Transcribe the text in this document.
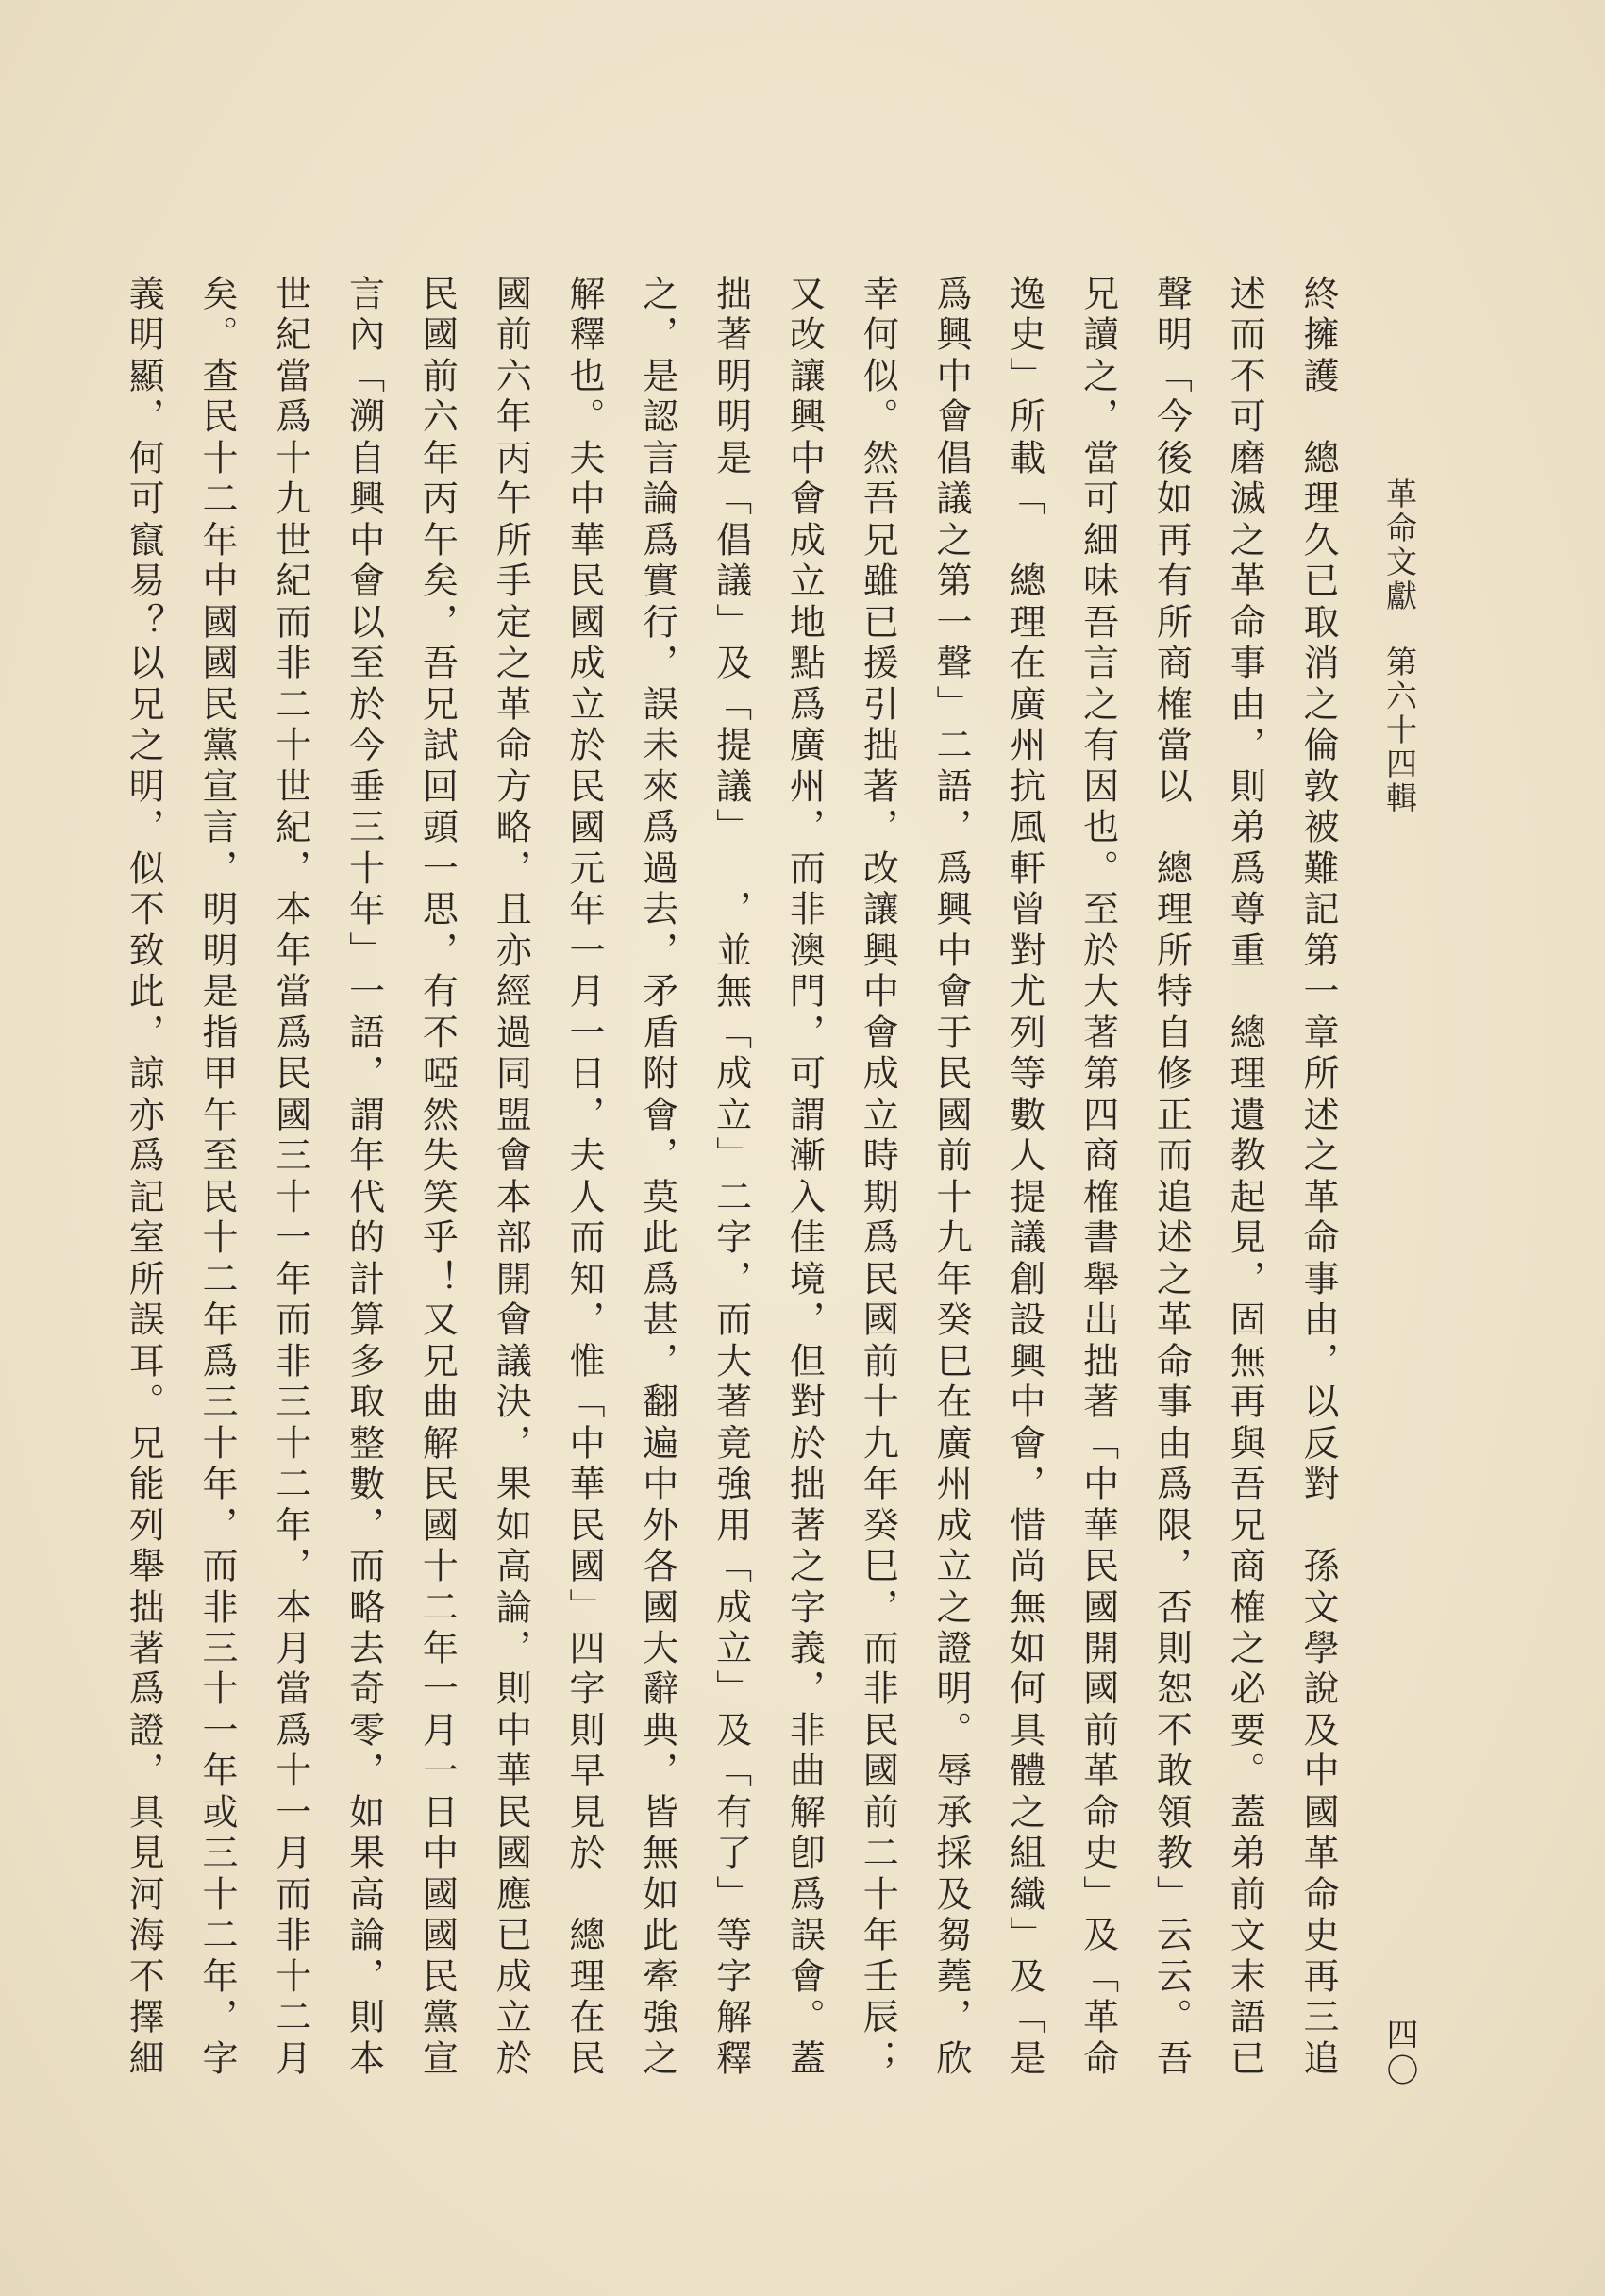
革命文獻第六十四輯
四〇
終
擁
護

總
理
久
已
取
消
之
倫
敦
被
難
記
第
一
章
所
述
之
革
命
事
由
，
以
反
對

孫
文
學
說
及
中
國
革
命
史
再
三
追
述
而
不
可
磨
滅
之
革
命
事
由
，
則
弟
爲
尊
重

總
理
遺
教
起
見
，
固
無
再
與
吾
兄
商
榷
之
必
要
。
蓋
弟
前
文
末
語
已
聲
明
「
今
後
如
再
有
所
商
榷
當
以

總
理
所
特
自
修
正
而
追
述
之
革
命
事
由
爲
限
，
否
則
恕
不
敢
領
教
」
云
云
。
吾
兄
讀
之
，
當
可
細
味
吾
言
之
有
因
也
。
至
於
大
著
第
四
商
榷
書
舉
出
拙
著
「
中
華
民
國
開
國
前
革
命
史
」
及
「
革
命
逸
史
」
所
載
「

總
理
在
廣
州
抗
風
軒
曾
對
尤
列
等
數
人
提
議
創
設
興
中
會
，
惜
尚
無
如
何
具
體
之
組
織
」
及
「
是
爲
興
中
會
倡
議
之
第
一
聲
」
二
語
，
爲
興
中
會
于
民
國
前
十
九
年
癸
巳
在
廣
州
成
立
之
證
明
。
辱
承
採
及
芻
蕘
，
欣
幸
何
似
。
然
吾
兄
雖
已
援
引
拙
著
，
改
讓
興
中
會
成
立
時
期
爲
民
國
前
十
九
年
癸
巳
，
而
非
民
國
前
二
十
年
壬
辰
；
又
改
讓
興
中
會
成
立
地
點
爲
廣
州
，
而
非
澳
門
，
可
謂
漸
入
佳
境
，
但
對
於
拙
著
之
字
義
，
非
曲
解
卽
爲
誤
會
。
蓋
拙
著
明
明
是
「
倡
議
」
及
「
提
議
」

，
並
無
「
成
立
」
二
字
，
而
大
著
竟
強
用
「
成
立
」
及
「
有
了
」
等
字
解
釋
之
，
是
認
言
論
爲
實
行
，
誤
未
來
爲
過
去
，
矛
盾
附
會
，
莫
此
爲
甚
，
翻
遍
中
外
各
國
大
辭
典
，
皆
無
如
此
牽
強
之
解
釋
也
。
夫
中
華
民
國
成
立
於
民
國
元
年
一
月
一
日
，
夫
人
而
知
，
惟
「
中
華
民
國
」
四
字
則
早
見
於

總
理
在
民
國
前
六
年
丙
午
所
手
定
之
革
命
方
略
，
且
亦
經
過
同
盟
會
本
部
開
會
議
決
，
果
如
高
論
，
則
中
華
民
國
應
已
成
立
於
民
國
前
六
年
丙
午
矣
，
吾
兄
試
回
頭
一
思
，
有
不
啞
然
失
笑
乎
！
又
兄
曲
解
民
國
十
二
年
一
月
一
日
中
國
國
民
黨
宣
言
內
「
溯
自
興
中
會
以
至
於
今
垂
三
十
年
」
一
語
，
謂
年
代
的
計
算
多
取
整
數
，
而
略
去
奇
零
，
如
果
高
論
，
則
本
世
紀
當
爲
十
九
世
紀
而
非
二
十
世
紀
，
本
年
當
爲
民
國
三
十
一
年
而
非
三
十
二
年
，
本
月
當
爲
十
一
月
而
非
十
二
月
矣
。
查
民
十
二
年
中
國
國
民
黨
宣
言
，
明
明
是
指
甲
午
至
民
十
二
年
爲
三
十
年
，
而
非
三
十
一
年
或
三
十
二
年
，
字
義
明
顯
，
何
可
竄
易
？
以
兄
之
明
，
似
不
致
此
，
諒
亦
爲
記
室
所
誤
耳
。
兄
能
列
舉
拙
著
爲
證
，
具
見
河
海
不
擇
細
